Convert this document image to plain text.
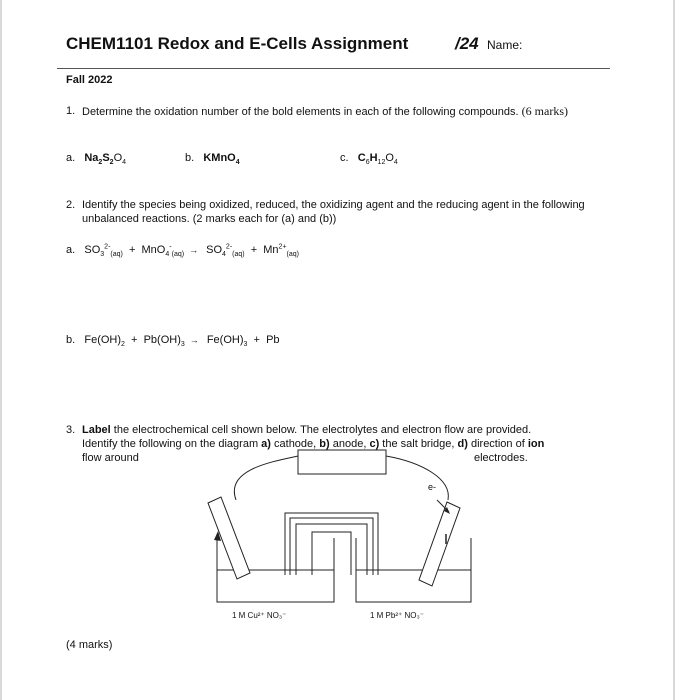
CHEM1101 Redox and E-Cells Assignment	/24 Name:
Fall 2022
1. Determine the oxidation number of the bold elements in each of the following compounds. (6 marks)
a. $Na_2S_2O_4$	b. KMnO$_4$	c. $C_6H_{12}O_4$
2. Identify the species being oxidized, reduced, the oxidizing agent and the reducing agent in the following unbalanced reactions. (2 marks each for (a) and (b))
a. $SO_3^{2-}_{(aq)} + MnO_4^-_{(aq)} \to SO_4^{2-}_{(aq)} + Mn^{2+}_{(aq)}$
b. $Fe(OH)_2 + Pb(OH)_3 \to Fe(OH)_3 + Pb$
3. Label the electrochemical cell shown below. The electrolytes and electron flow are provided.
Identify the following on the diagram a) cathode, b) anode, c) the salt bridge, d) direction of ion
flow around	electrodes.
e-
1 M Cu²⁺ NO₃⁻	1 M Pb²⁺ NO₃⁻
(4 marks)
